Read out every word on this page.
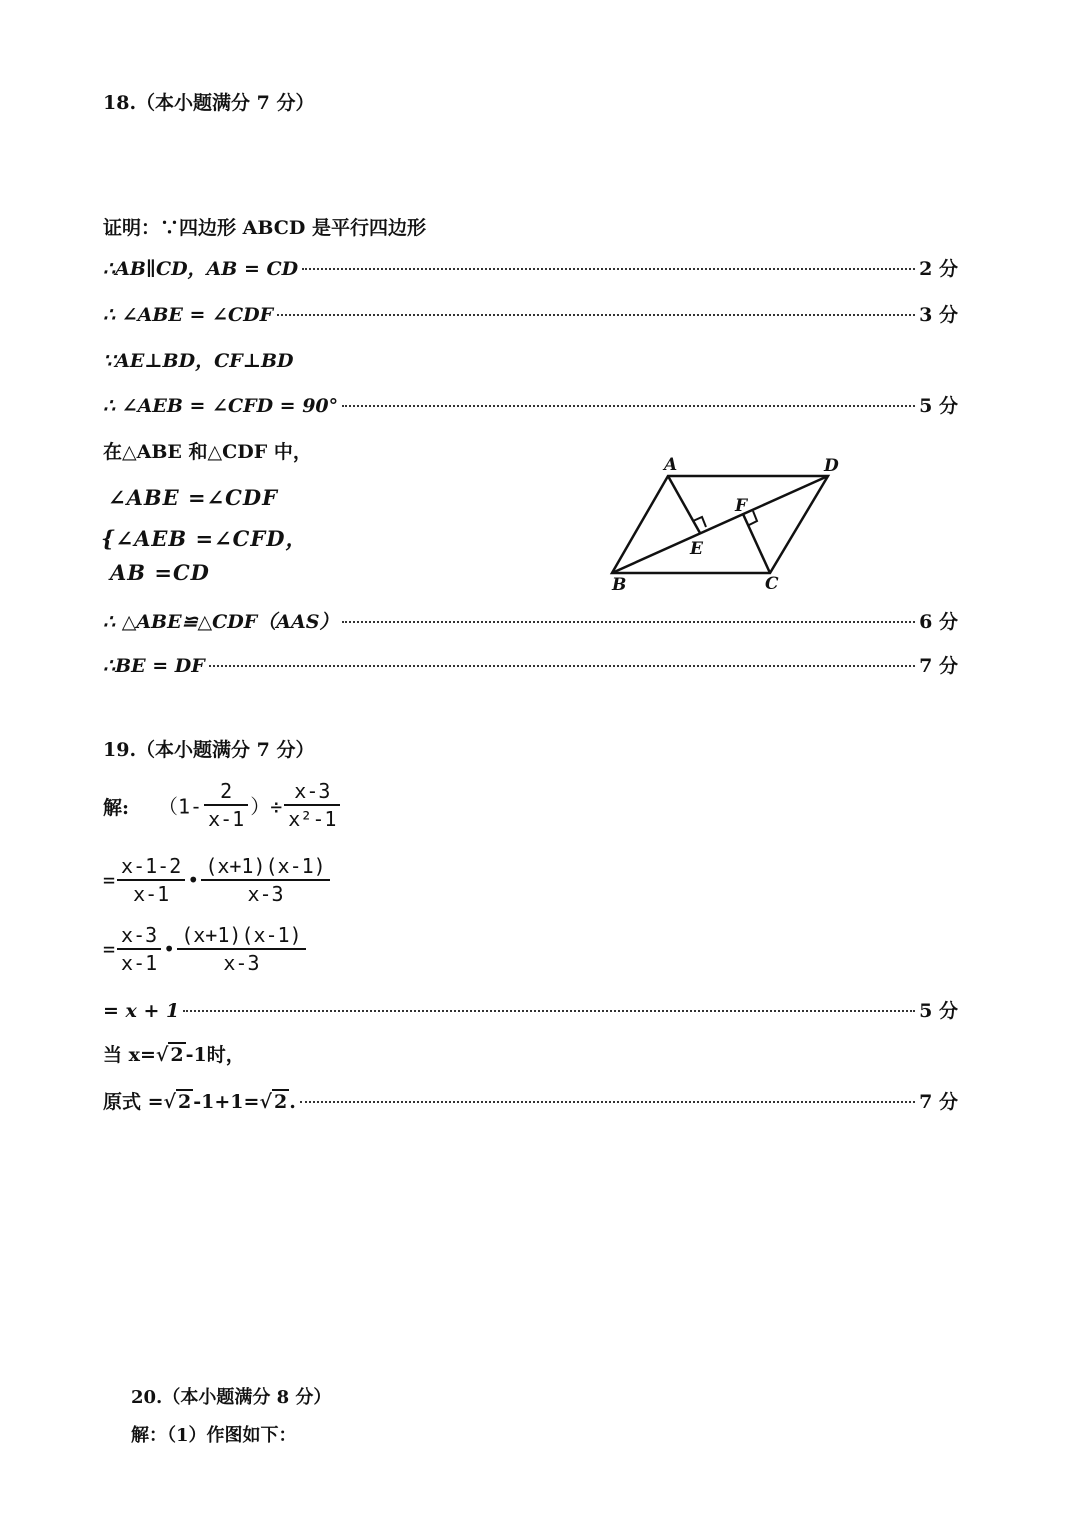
18.（本小题满分 7 分）
证明：∵四边形 ABCD 是平行四边形
∴AB∥CD，AB = CD	2 分
∴ ∠ABE = ∠CDF	3 分
∵AE⊥BD，CF⊥BD
∴ ∠AEB = ∠CFD = 90°	5 分
在△ABE 和△CDF 中，
∠ABE =∠CDF
{∠AEB =∠CFD，
AB =CD
A	D
F
E
B	C
∴ △ABE≌△CDF（AAS）	6 分
∴BE = DF	7 分
19.（本小题满分 7 分）
解: （$1- \frac{2}{x-1}$ ）÷ $\frac{x-3}{\text{x²-1}}$
= $\frac{x-1-2}{x-1}$ • $\frac{(x+1)(x-1)}{x-3}$
= $\frac{x-3}{x-1}$ • $\frac{(x+1)(x-1)}{x-3}$
= x + 1	5 分
当 x=√ 2 -1时，
原式 =√ 2 -1+1=√ 2 .	7 分
20.（本小题满分 8 分）
解：（1）作图如下：
